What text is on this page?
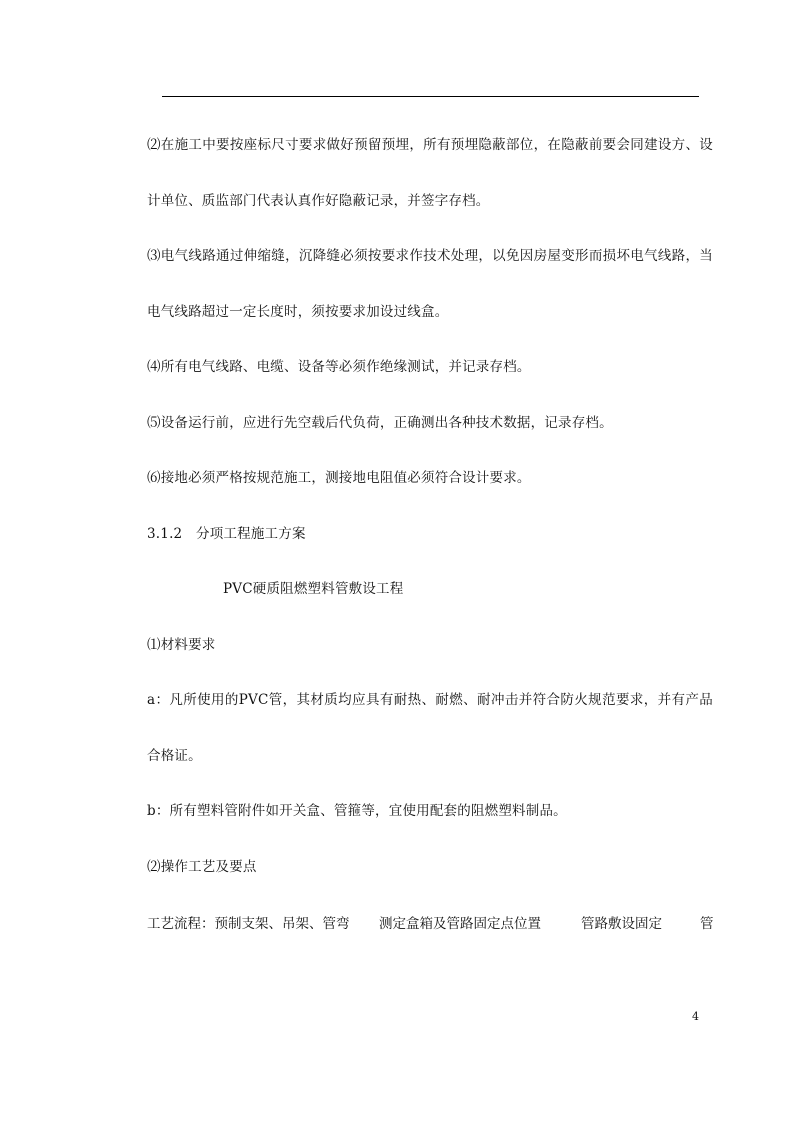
⑵在施工中要按座标尺寸要求做好预留预埋，所有预埋隐蔽部位，在隐蔽前要会同建设方、设
计单位、质监部门代表认真作好隐蔽记录，并签字存档。
⑶电气线路通过伸缩缝，沉降缝必须按要求作技术处理，以免因房屋变形而损坏电气线路，当
电气线路超过一定长度时，须按要求加设过线盒。
⑷所有电气线路、电缆、设备等必须作绝缘测试，并记录存档。
⑸设备运行前，应进行先空载后代负荷，正确测出各种技术数据，记录存档。
⑹接地必须严格按规范施工，测接地电阻值必须符合设计要求。
3.1.2　分项工程施工方案
PVC硬质阻燃塑料管敷设工程
⑴材料要求
a：凡所使用的PVC管，其材质均应具有耐热、耐燃、耐冲击并符合防火规范要求，并有产品
合格证。
b：所有塑料管附件如开关盒、管箍等，宜使用配套的阻燃塑料制品。
⑵操作工艺及要点
工艺流程：预制支架、吊架、管弯 测定盒箱及管路固定点位置	管路敷设固定	管
4
